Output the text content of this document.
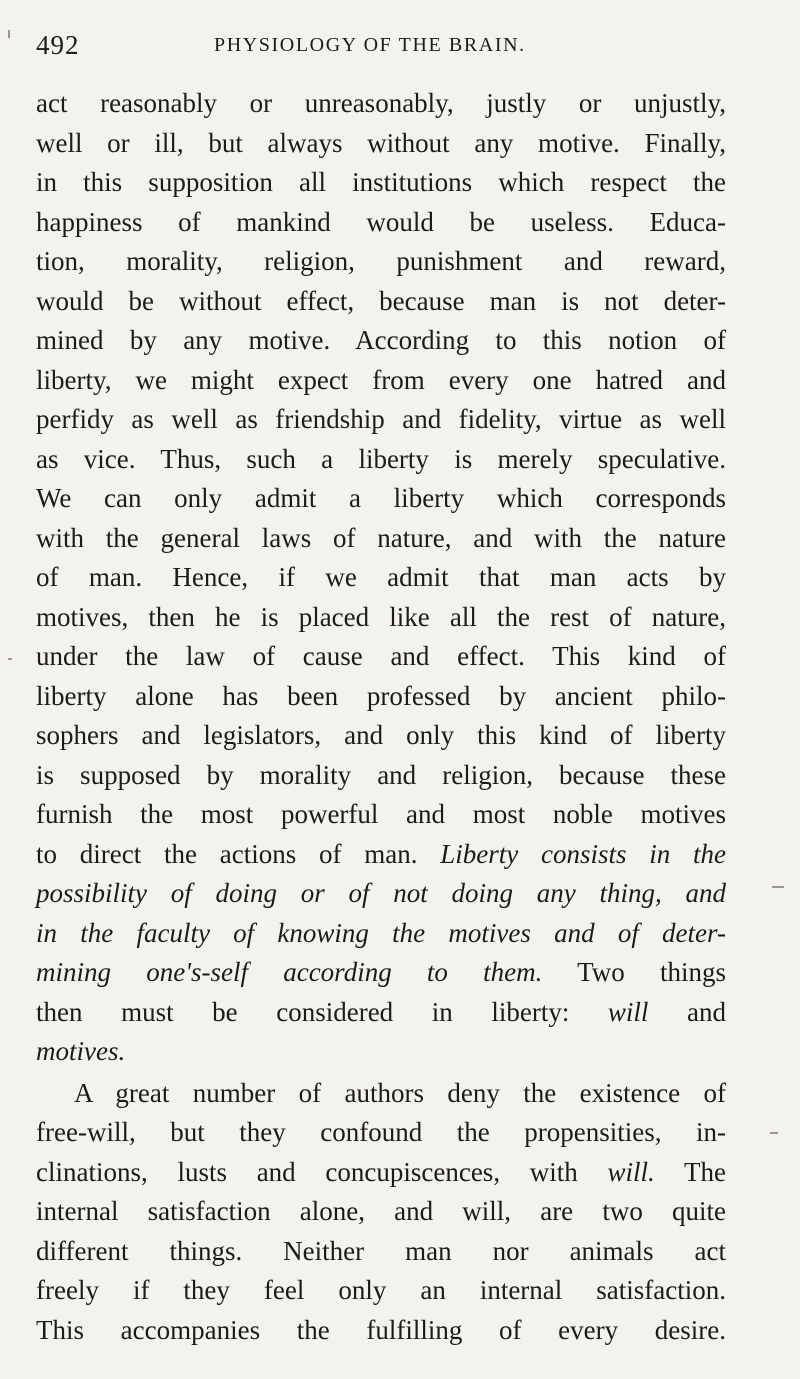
492	PHYSIOLOGY OF THE BRAIN.
act reasonably or unreasonably, justly or unjustly,
well or ill, but always without any motive. Finally,
in this supposition all institutions which respect the
happiness of mankind would be useless. Educa-
tion, morality, religion, punishment and reward,
would be without effect, because man is not deter-
mined by any motive. According to this notion of
liberty, we might expect from every one hatred and
perfidy as well as friendship and fidelity, virtue as well
as vice. Thus, such a liberty is merely speculative.
We can only admit a liberty which corresponds
with the general laws of nature, and with the nature
of man. Hence, if we admit that man acts by
motives, then he is placed like all the rest of nature,
under the law of cause and effect. This kind of
liberty alone has been professed by ancient philo-
sophers and legislators, and only this kind of liberty
is supposed by morality and religion, because these
furnish the most powerful and most noble motives
to direct the actions of man. Liberty consists in the
possibility of doing or of not doing any thing, and
in the faculty of knowing the motives and of deter-
mining one's-self according to them. Two things
then must be considered in liberty: will and
motives.
A great number of authors deny the existence of
free-will, but they confound the propensities, in-
clinations, lusts and concupiscences, with will. The
internal satisfaction alone, and will, are two quite
different things. Neither man nor animals act
freely if they feel only an internal satisfaction.
This accompanies the fulfilling of every desire.
